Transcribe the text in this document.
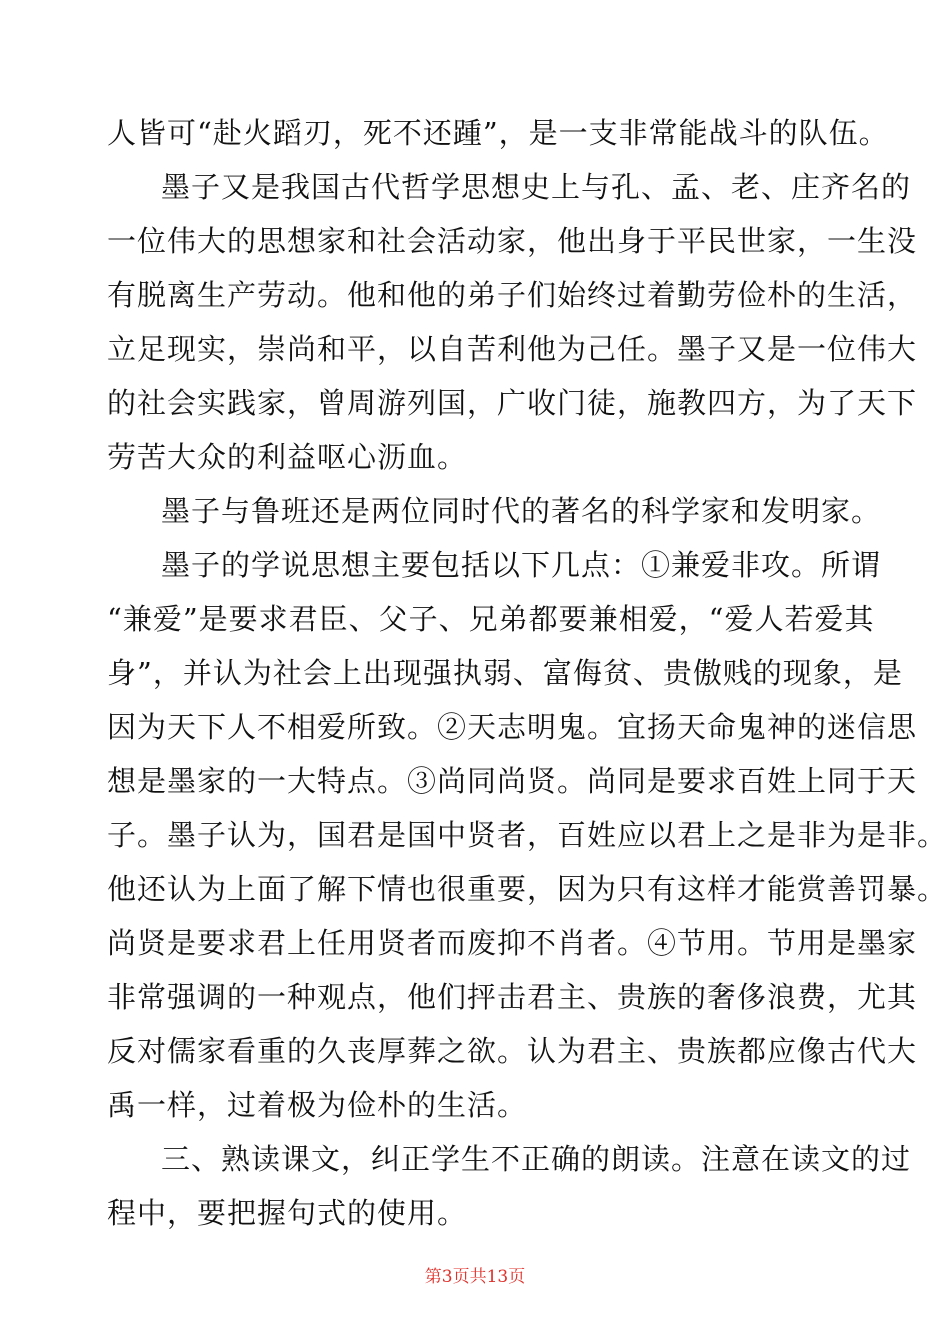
人皆可“赴火蹈刃，死不还踵”，是一支非常能战斗的队伍。
墨子又是我国古代哲学思想史上与孔、孟、老、庄齐名的
一位伟大的思想家和社会活动家，他出身于平民世家，一生没
有脱离生产劳动。他和他的弟子们始终过着勤劳俭朴的生活，
立足现实，崇尚和平，以自苦利他为己任。墨子又是一位伟大
的社会实践家，曾周游列国，广收门徒，施教四方，为了天下
劳苦大众的利益呕心沥血。
墨子与鲁班还是两位同时代的著名的科学家和发明家。
墨子的学说思想主要包括以下几点：①兼爱非攻。所谓
“兼爱”是要求君臣、父子、兄弟都要兼相爱，“爱人若爱其
身”，并认为社会上出现强执弱、富侮贫、贵傲贱的现象，是
因为天下人不相爱所致。②天志明鬼。宜扬天命鬼神的迷信思
想是墨家的一大特点。③尚同尚贤。尚同是要求百姓上同于天
子。墨子认为，国君是国中贤者，百姓应以君上之是非为是非。
他还认为上面了解下情也很重要，因为只有这样才能赏善罚暴。
尚贤是要求君上任用贤者而废抑不肖者。④节用。节用是墨家
非常强调的一种观点，他们抨击君主、贵族的奢侈浪费，尤其
反对儒家看重的久丧厚葬之欲。认为君主、贵族都应像古代大
禹一样，过着极为俭朴的生活。
三、熟读课文，纠正学生不正确的朗读。注意在读文的过
程中，要把握句式的使用。
第3页共13页
